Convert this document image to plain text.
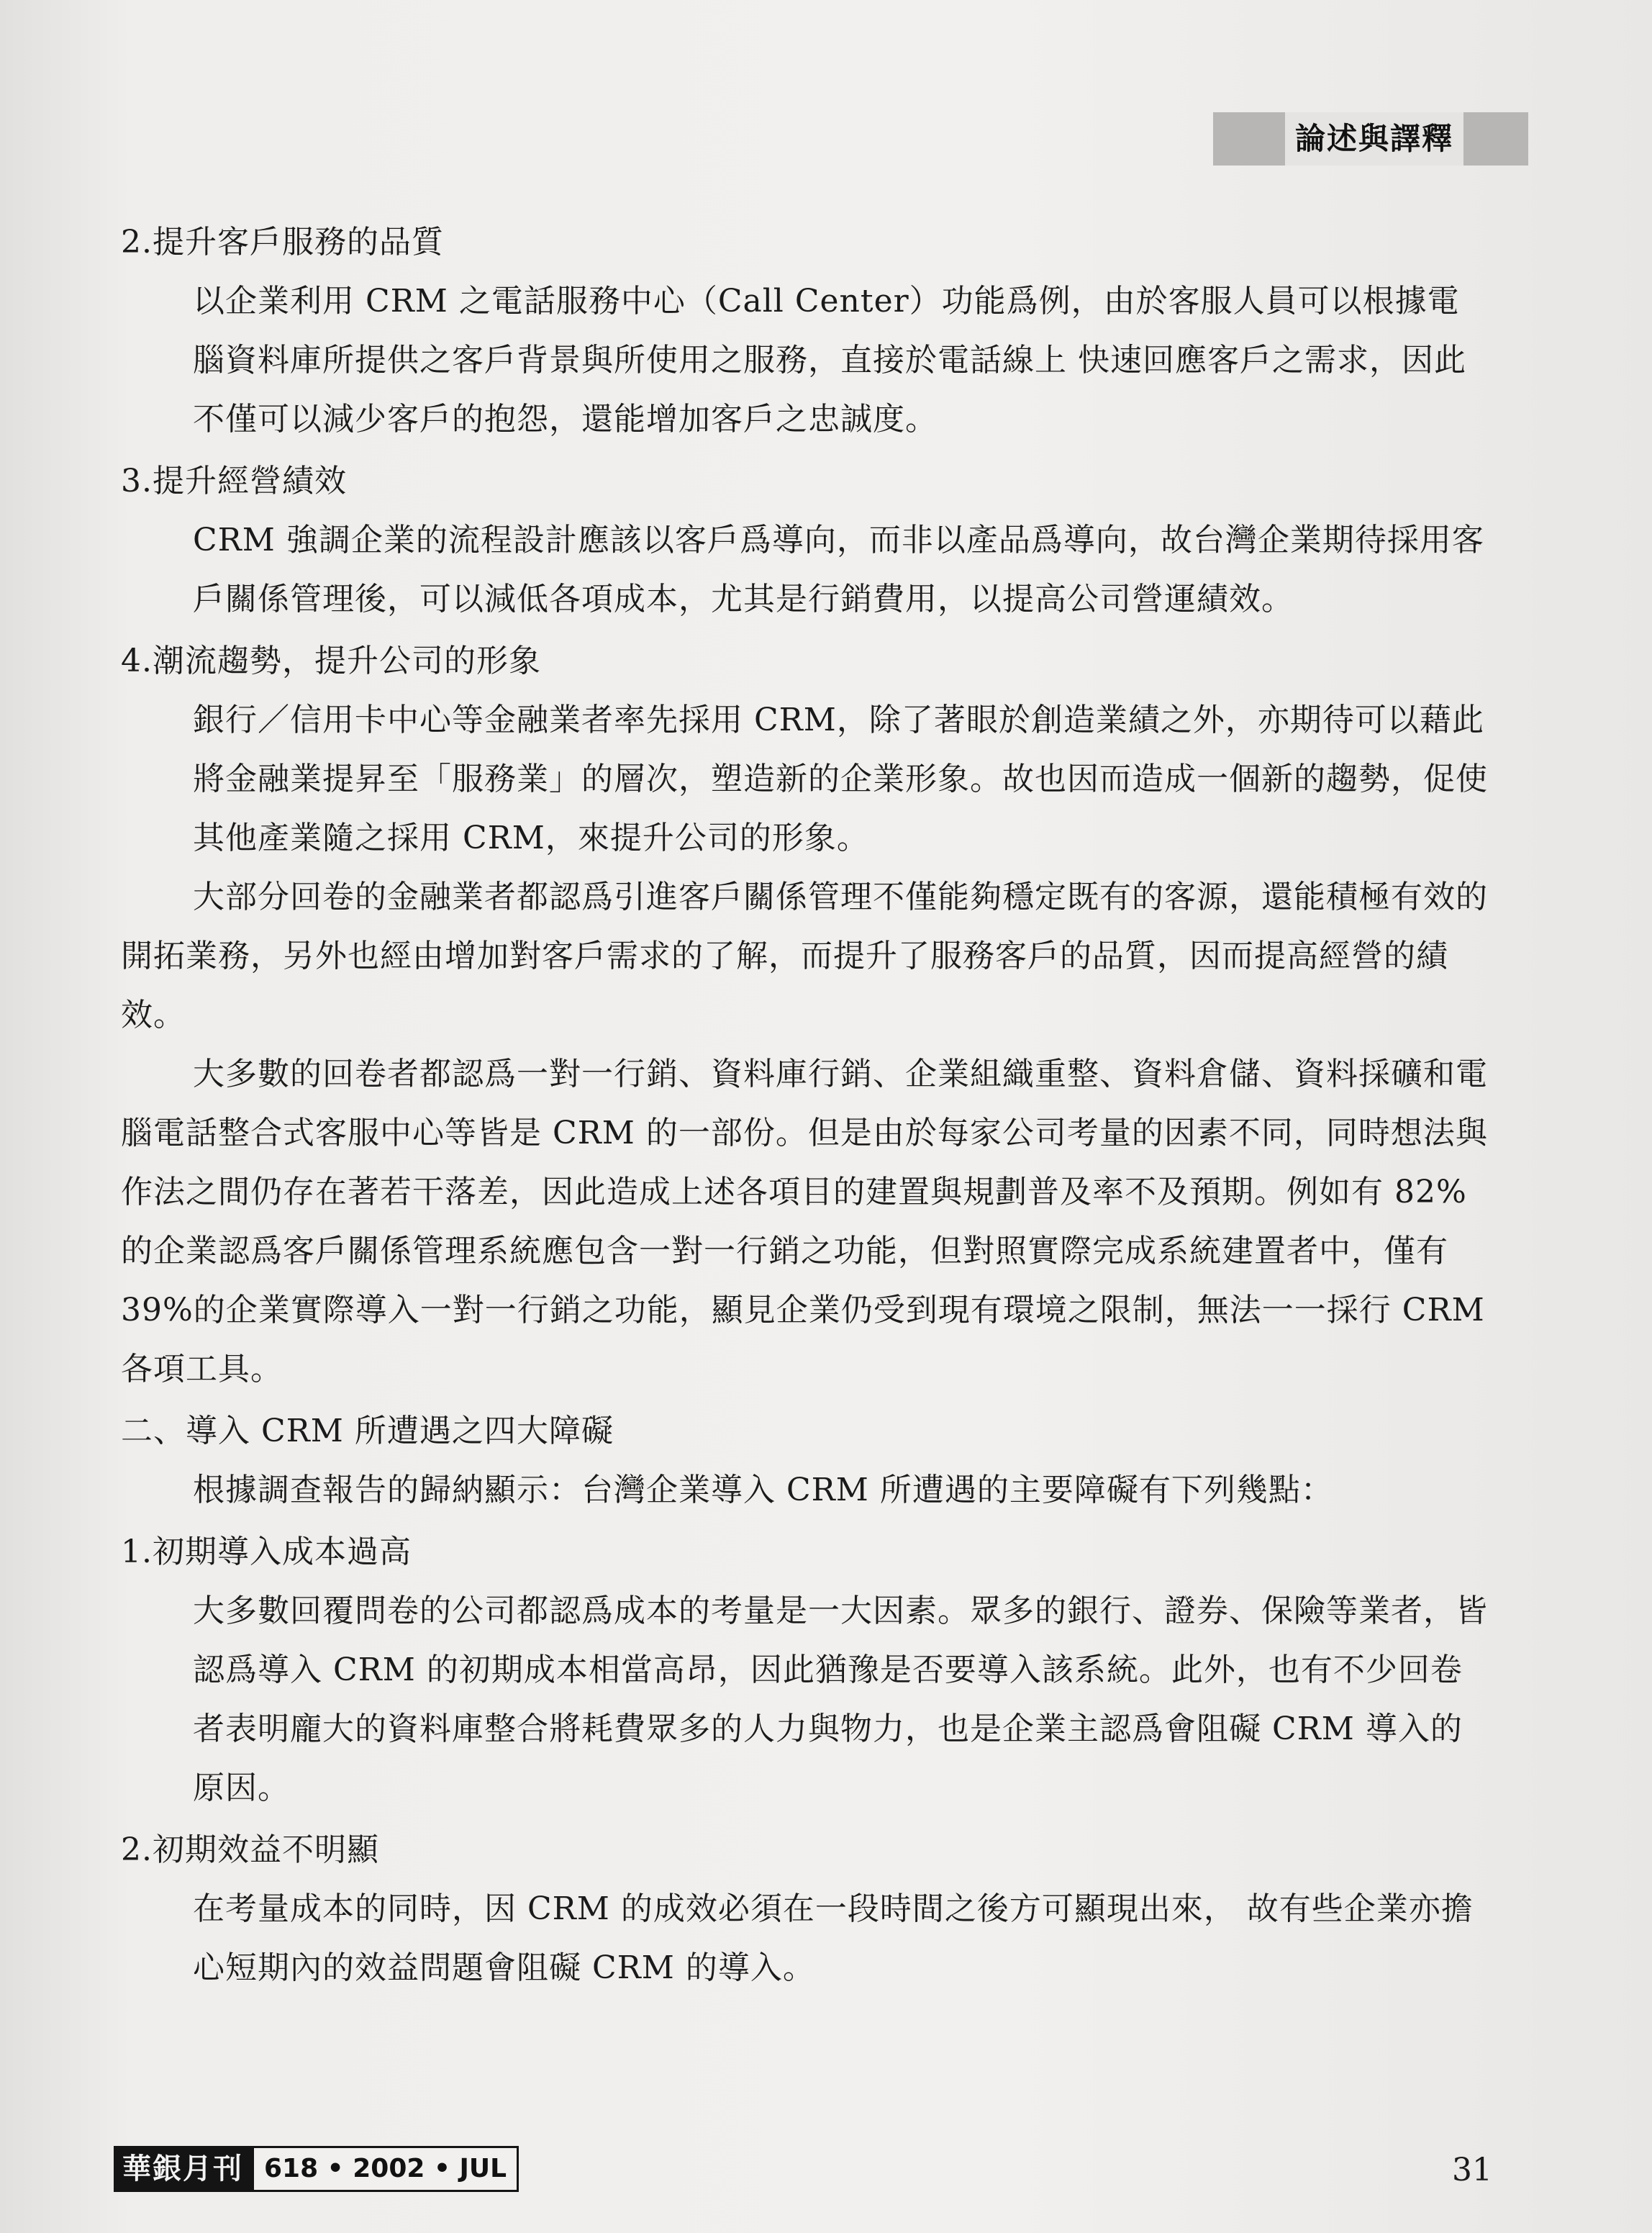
論述與譯釋

2.提升客戶服務的品質

以企業利用 CRM 之電話服務中心（Call Center）功能爲例，由於客服人員可以根據電腦資料庫所提供之客戶背景與所使用之服務，直接於電話線上 快速回應客戶之需求，因此不僅可以減少客戶的抱怨，還能增加客戶之忠誠度。

3.提升經營績效

CRM 強調企業的流程設計應該以客戶爲導向，而非以產品爲導向，故台灣企業期待採用客戶關係管理後，可以減低各項成本，尤其是行銷費用，以提高公司營運績效。

4.潮流趨勢，提升公司的形象

銀行／信用卡中心等金融業者率先採用 CRM，除了著眼於創造業績之外，亦期待可以藉此將金融業提昇至「服務業」的層次，塑造新的企業形象。故也因而造成一個新的趨勢，促使其他產業隨之採用 CRM，來提升公司的形象。

大部分回卷的金融業者都認爲引進客戶關係管理不僅能夠穩定既有的客源，還能積極有效的開拓業務，另外也經由增加對客戶需求的了解，而提升了服務客戶的品質，因而提高經營的績效。

大多數的回卷者都認爲一對一行銷、資料庫行銷、企業組織重整、資料倉儲、資料採礦和電腦電話整合式客服中心等皆是 CRM 的一部份。但是由於每家公司考量的因素不同，同時想法與作法之間仍存在著若干落差，因此造成上述各項目的建置與規劃普及率不及預期。例如有 82%的企業認爲客戶關係管理系統應包含一對一行銷之功能，但對照實際完成系統建置者中，僅有 39%的企業實際導入一對一行銷之功能，顯見企業仍受到現有環境之限制，無法一一採行 CRM 各項工具。

二、導入 CRM 所遭遇之四大障礙

根據調查報告的歸納顯示：台灣企業導入 CRM 所遭遇的主要障礙有下列幾點：

1.初期導入成本過高

大多數回覆問卷的公司都認爲成本的考量是一大因素。眾多的銀行、證券、保險等業者，皆認爲導入 CRM 的初期成本相當高昂，因此猶豫是否要導入該系統。此外，也有不少回卷者表明龐大的資料庫整合將耗費眾多的人力與物力，也是企業主認爲會阻礙 CRM 導入的原因。

2.初期效益不明顯

在考量成本的同時，因 CRM 的成效必須在一段時間之後方可顯現出來， 故有些企業亦擔心短期內的效益問題會阻礙 CRM 的導入。

華銀月刊 618 • 2002 • JUL	31
